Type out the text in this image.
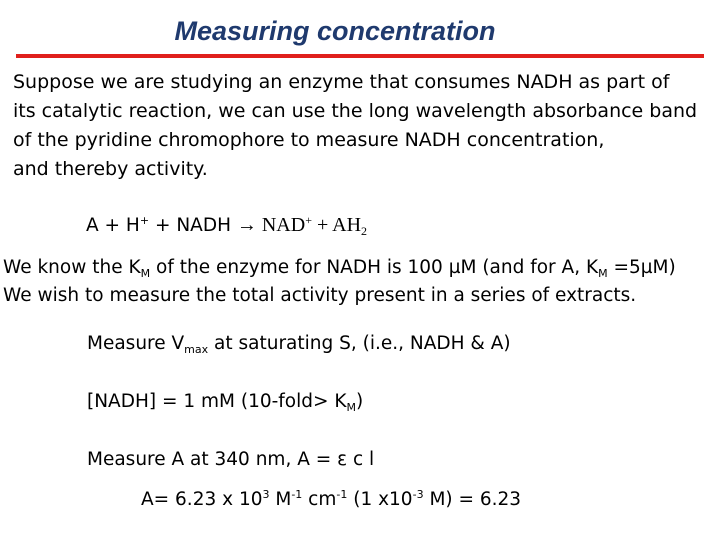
Measuring concentration
Suppose we are studying an enzyme that consumes NADH as part of
its catalytic reaction, we can use the long wavelength absorbance band
of the pyridine chromophore to measure NADH concentration,
and thereby activity.
A + H+ + NADH → $NAD^+ + AH_2$
We know the $K_M$ of the enzyme for NADH is 100 µM (and for A, $K_M =5\mu M$)
We wish to measure the total activity present in a series of extracts.
Measure $V_{max}$ at saturating S, (i.e., NADH & A)
[NADH] = 1 mM (10-fold> $K_M$)
Measure A at 340 nm, A = ε c l
A= 6.23 x $10^3$ $M^{-1}$ $cm^{-1}$ (1 $x10^{-3}$ M) = 6.23
